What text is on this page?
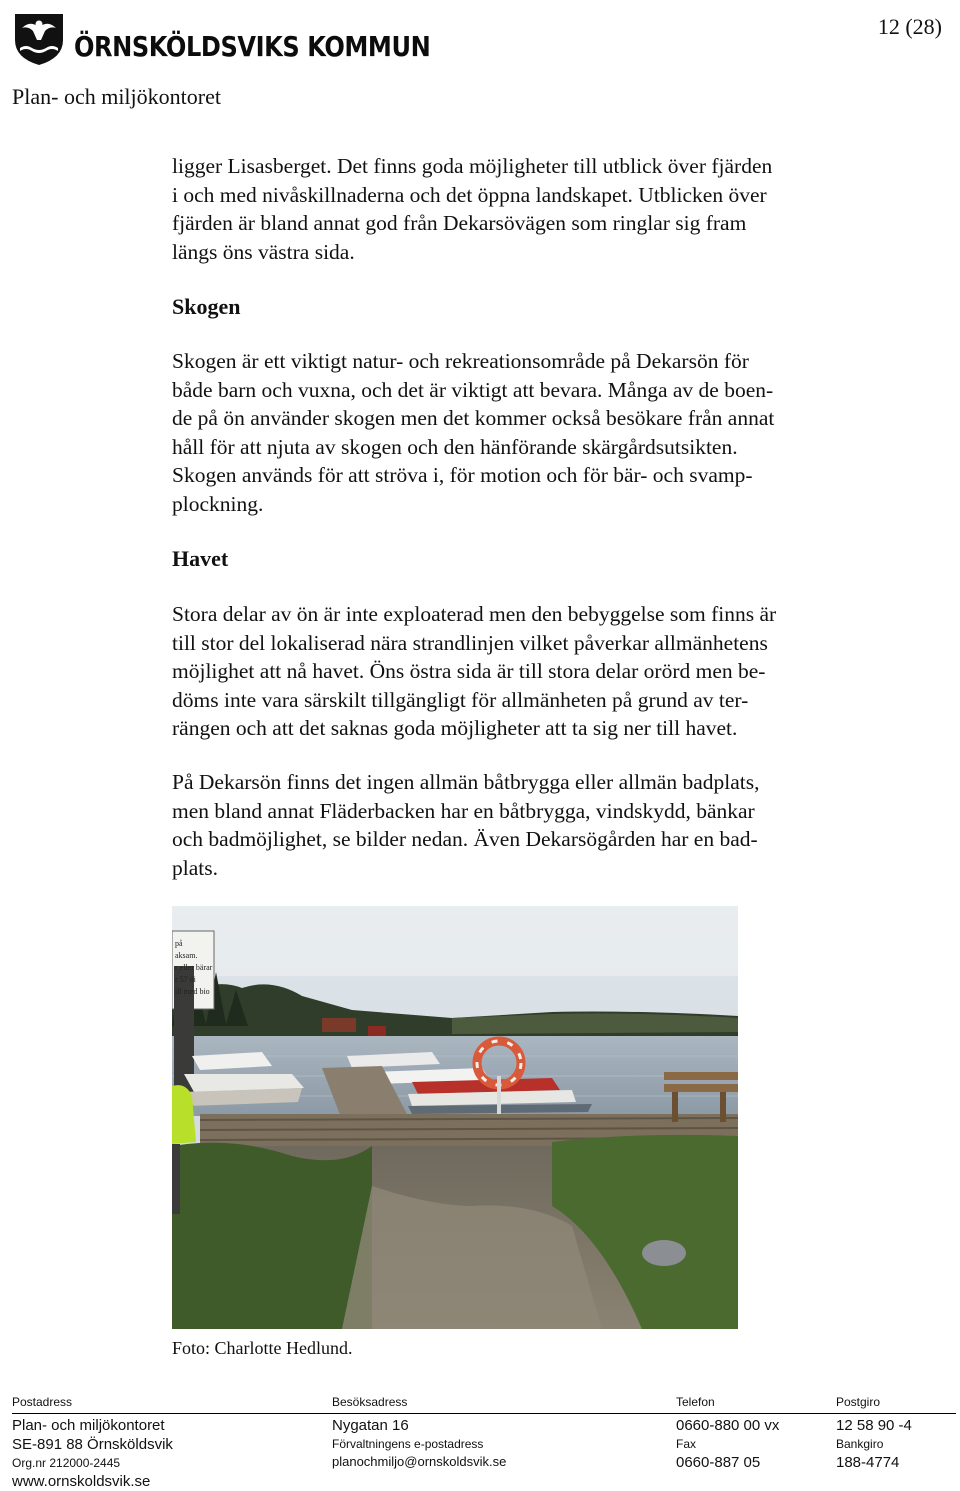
ÖRNSKÖLDSVIKS KOMMUN
12 (28)
Plan- och miljökontoret

ligger Lisasberget. Det finns goda möjligheter till utblick över fjärden

i och med nivåskillnaderna och det öppna landskapet. Utblicken över

fjärden är bland annat god från Dekarsövägen som ringlar sig fram

längs öns västra sida.

Skogen

Skogen är ett viktigt natur- och rekreationsområde på Dekarsön för

både barn och vuxna, och det är viktigt att bevara. Många av de boen-

de på ön använder skogen men det kommer också besökare från annat

håll för att njuta av skogen och den hänförande skärgårdsutsikten.

Skogen används för att ströva i, för motion och för bär- och svamp-

plockning.

Havet

Stora delar av ön är inte exploaterad men den bebyggelse som finns är

till stor del lokaliserad nära strandlinjen vilket påverkar allmänhetens

möjlighet att nå havet. Öns östra sida är till stora delar orörd men be-

döms inte vara särskilt tillgängligt för allmänheten på grund av ter-

rängen och att det saknas goda möjligheter att ta sig ner till havet.

På Dekarsön finns det ingen allmän båtbrygga eller allmän badplats,

men bland annat Fläderbacken har en båtbrygga, vindskydd, bänkar

och badmöjlighet, se bilder nedan. Även Dekarsögården har en bad-

plats.

på
aksam.
r eller bärar
r 57 öi
ill med bio
Foto: Charlotte Hedlund.
Postadress
Plan- och miljökontoret
SE-891 88 Örnsköldsvik
Org.nr 212000-2445
www.ornskoldsvik.se
Besöksadress
Nygatan 16
Förvaltningens e-postadress
planochmiljo@ornskoldsvik.se
Telefon
0660-880 00 vx
Fax
0660-887 05
Postgiro
12 58 90 -4
Bankgiro
188-4774
